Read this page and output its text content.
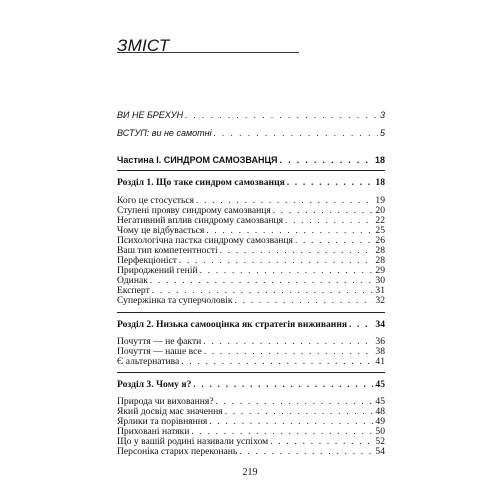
ЗМІСТ
ВИ НЕ БРЕХУН . . .	3
ВСТУП: ви не самотні . . .	5
Частина І. СИНДРОМ САМОЗВАНЦЯ . . .	18
Розділ 1. Що таке синдром самозванця . . .	18
Кого це стосується . . .	19
Ступені прояву синдрому самозванця . . .	20
Негативний вплив синдрому самозванця . . .	22
Чому це відбувається . . .	25
Психологічна пастка синдрому самозванця . . .	26
Ваш тип компетентності . . .	28
Перфекціоніст . . .	28
Природжений геній . . .	29
Одинак . . .	30
Експерт . . .	31
Супержінка та суперчоловік . . .	32
Розділ 2. Низька самооцінка як стратегія виживання . . .	34
Почуття — не факти . . .	36
Почуття — наше все . . .	38
Є альтернатива . . .	41
Розділ 3. Чому я? . . .	45
Природа чи виховання? . . .	45
Який досвід має значення . . .	48
Ярлики та порівняння . . .	49
Приховані натяки . . .	50
Що у вашій родині називали успіхом . . .	52
Персоніка старих переконань . . .	54
219
